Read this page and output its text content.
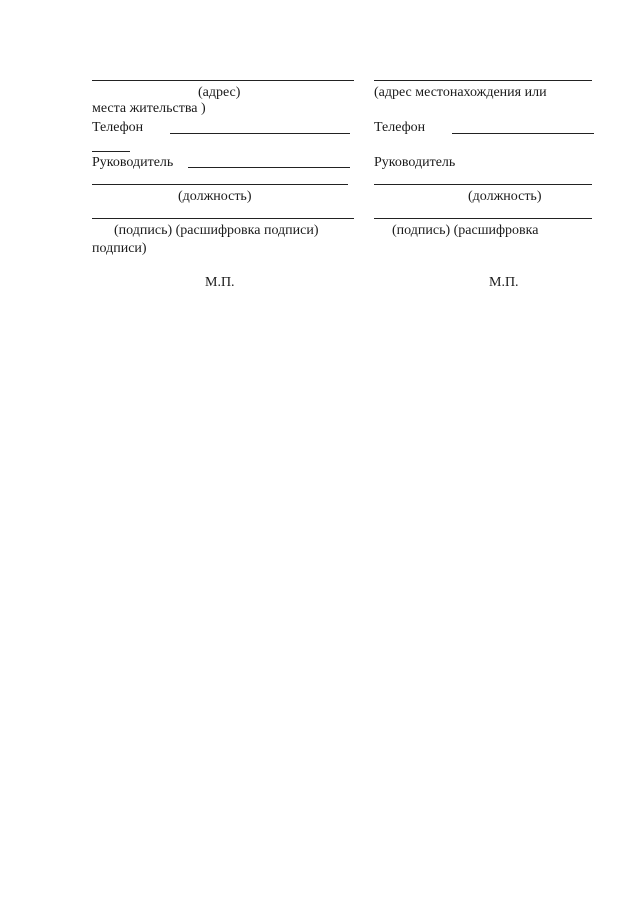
(адрес)
места жительства )
Телефон
Руководитель
(должность)
(подпись) (расшифровка подписи)
подписи)
М.П.
(адрес местонахождения или
Телефон
Руководитель
(должность)
(подпись) (расшифровка
М.П.
